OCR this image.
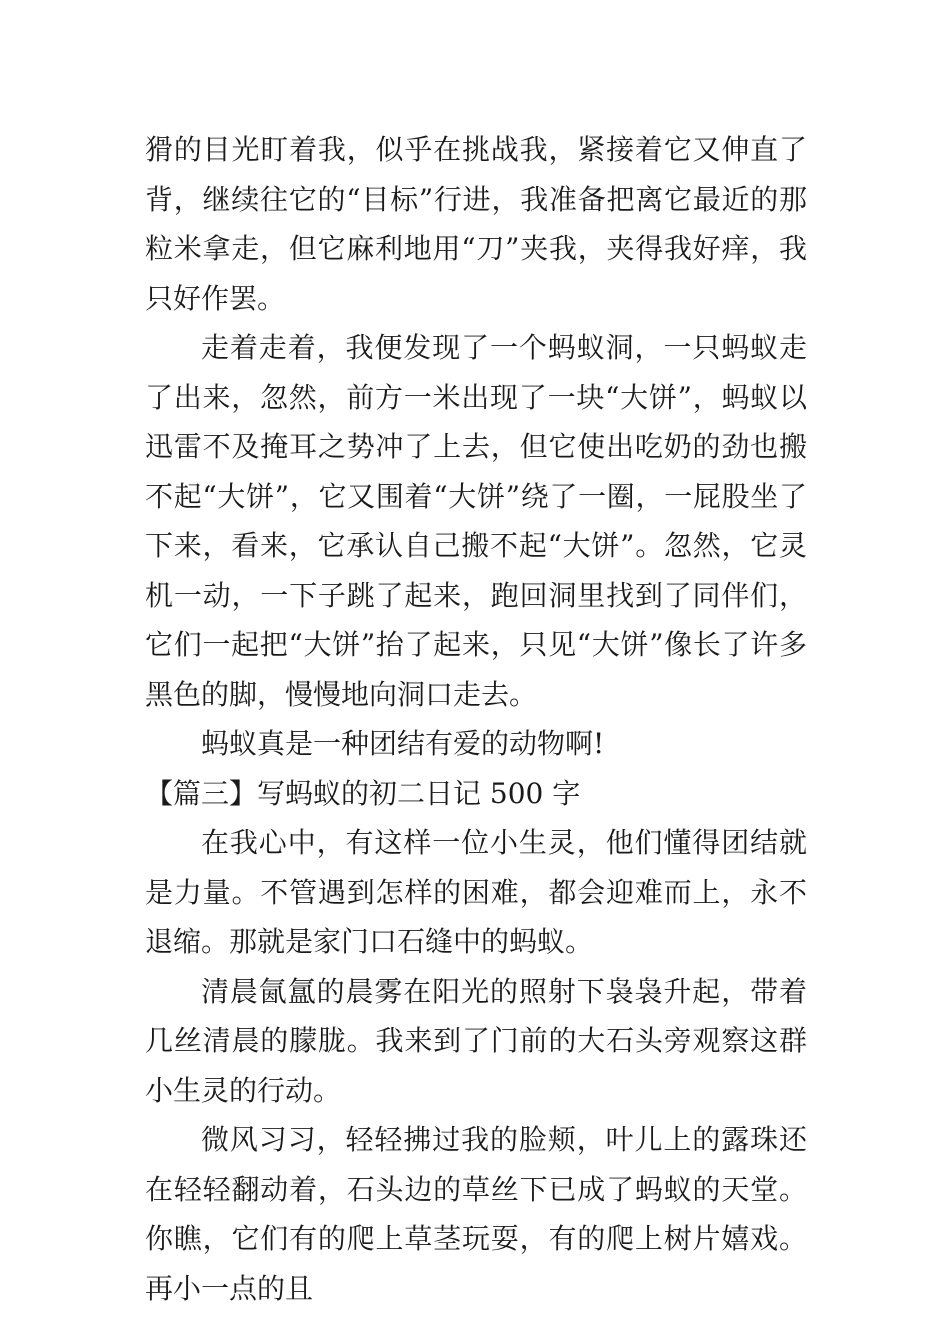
猾的目光盯着我，似乎在挑战我，紧接着它又伸直了背，继续往它的“目标”行进，我准备把离它最近的那粒米拿走，但它麻利地用“刀”夹我，夹得我好痒，我只好作罢。

走着走着，我便发现了一个蚂蚁洞，一只蚂蚁走了出来，忽然，前方一米出现了一块“大饼”，蚂蚁以迅雷不及掩耳之势冲了上去，但它使出吃奶的劲也搬不起“大饼”，它又围着“大饼”绕了一圈，一屁股坐了下来，看来，它承认自己搬不起“大饼”。忽然，它灵机一动，一下子跳了起来，跑回洞里找到了同伴们，它们一起把“大饼”抬了起来，只见“大饼”像长了许多黑色的脚，慢慢地向洞口走去。

蚂蚁真是一种团结有爱的动物啊!

【篇三】写蚂蚁的初二日记 500 字

在我心中，有这样一位小生灵，他们懂得团结就是力量。不管遇到怎样的困难，都会迎难而上，永不退缩。那就是家门口石缝中的蚂蚁。

清晨氤氲的晨雾在阳光的照射下袅袅升起，带着几丝清晨的朦胧。我来到了门前的大石头旁观察这群小生灵的行动。

微风习习，轻轻拂过我的脸颊，叶儿上的露珠还在轻轻翻动着，石头边的草丝下已成了蚂蚁的天堂。你瞧，它们有的爬上草茎玩耍，有的爬上树片嬉戏。再小一点的且
